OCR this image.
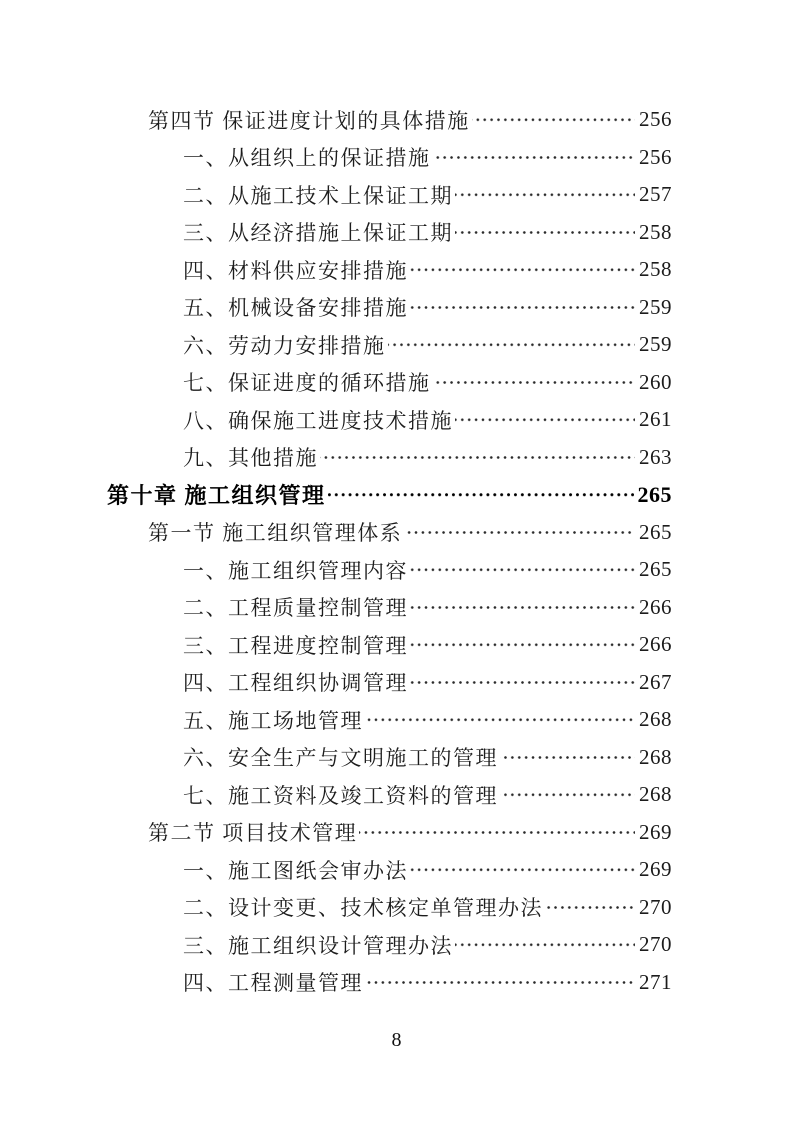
第四节 保证进度计划的具体措施	256
一、从组织上的保证措施	256
二、从施工技术上保证工期	257
三、从经济措施上保证工期	258
四、材料供应安排措施	258
五、机械设备安排措施	259
六、劳动力安排措施	259
七、保证进度的循环措施	260
八、确保施工进度技术措施	261
九、其他措施	263
第十章 施工组织管理	265
第一节 施工组织管理体系	265
一、施工组织管理内容	265
二、工程质量控制管理	266
三、工程进度控制管理	266
四、工程组织协调管理	267
五、施工场地管理	268
六、安全生产与文明施工的管理	268
七、施工资料及竣工资料的管理	268
第二节 项目技术管理	269
一、施工图纸会审办法	269
二、设计变更、技术核定单管理办法	270
三、施工组织设计管理办法	270
四、工程测量管理	271
8
